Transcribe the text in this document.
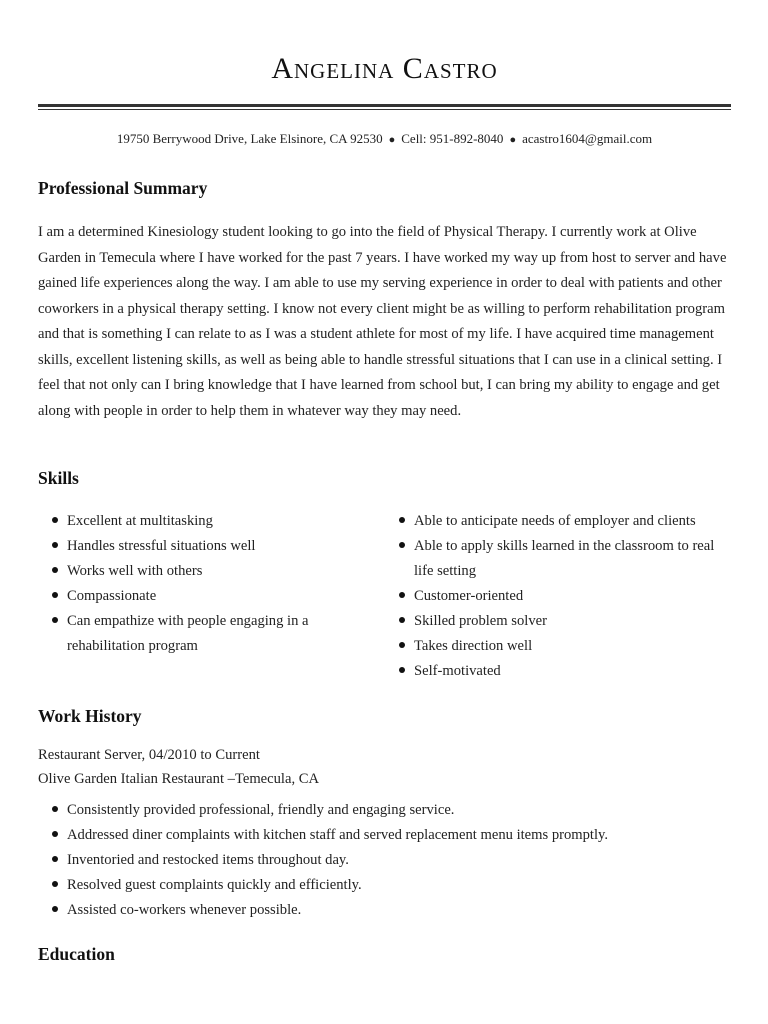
Angelina Castro
19750 Berrywood Drive, Lake Elsinore, CA 92530 ● Cell: 951-892-8040 ● acastro1604@gmail.com
Professional Summary

I am a determined Kinesiology student looking to go into the field of Physical Therapy. I currently work at Olive Garden in Temecula where I have worked for the past 7 years. I have worked my way up from host to server and have gained life experiences along the way. I am able to use my serving experience in order to deal with patients and other coworkers in a physical therapy setting. I know not every client might be as willing to perform rehabilitation program and that is something I can relate to as I was a student athlete for most of my life. I have acquired time management skills, excellent listening skills, as well as being able to handle stressful situations that I can use in a clinical setting. I feel that not only can I bring knowledge that I have learned from school but, I can bring my ability to engage and get along with people in order to help them in whatever way they may need.

Skills
Excellent at multitasking
Handles stressful situations well
Works well with others
Compassionate
Can empathize with people engaging in a rehabilitation program
Able to anticipate needs of employer and clients
Able to apply skills learned in the classroom to real life setting
Customer-oriented
Skilled problem solver
Takes direction well
Self-motivated
Work History
Restaurant Server, 04/2010 to Current
Olive Garden Italian Restaurant –Temecula, CA
Consistently provided professional, friendly and engaging service.
Addressed diner complaints with kitchen staff and served replacement menu items promptly.
Inventoried and restocked items throughout day.
Resolved guest complaints quickly and efficiently.
Assisted co-workers whenever possible.
Education
